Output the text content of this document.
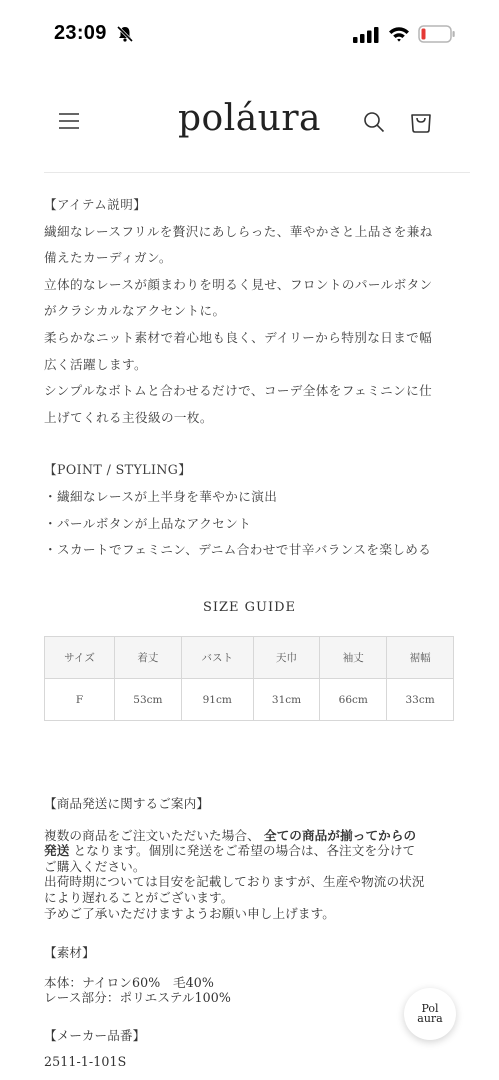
23:09
poláura
【アイテム説明】
繊細なレースフリルを贅沢にあしらった、華やかさと上品さを兼ね
備えたカーディガン。
立体的なレースが顔まわりを明るく見せ、フロントのパールボタン
がクラシカルなアクセントに。
柔らかなニット素材で着心地も良く、デイリーから特別な日まで幅
広く活躍します。
シンプルなボトムと合わせるだけで、コーデ全体をフェミニンに仕
上げてくれる主役級の一枚。
【POINT / STYLING】
・繊細なレースが上半身を華やかに演出
・パールボタンが上品なアクセント
・スカートでフェミニン、デニム合わせで甘辛バランスを楽しめる
SIZE GUIDE
サイズ	着丈	バスト	天巾	袖丈	裾幅
F	53cm	91cm	31cm	66cm	33cm
【商品発送に関するご案内】
複数の商品をご注文いただいた場合、 全ての商品が揃ってからの
発送 となります。個別に発送をご希望の場合は、各注文を分けて
ご購入ください。
出荷時期については目安を記載しておりますが、生産や物流の状況
により遅れることがございます。
予めご了承いただけますようお願い申し上げます。
【素材】
本体：ナイロン60%　毛40%
レース部分：ポリエステル100%
【メーカー品番】
2511-1-101S
Pol
aura
